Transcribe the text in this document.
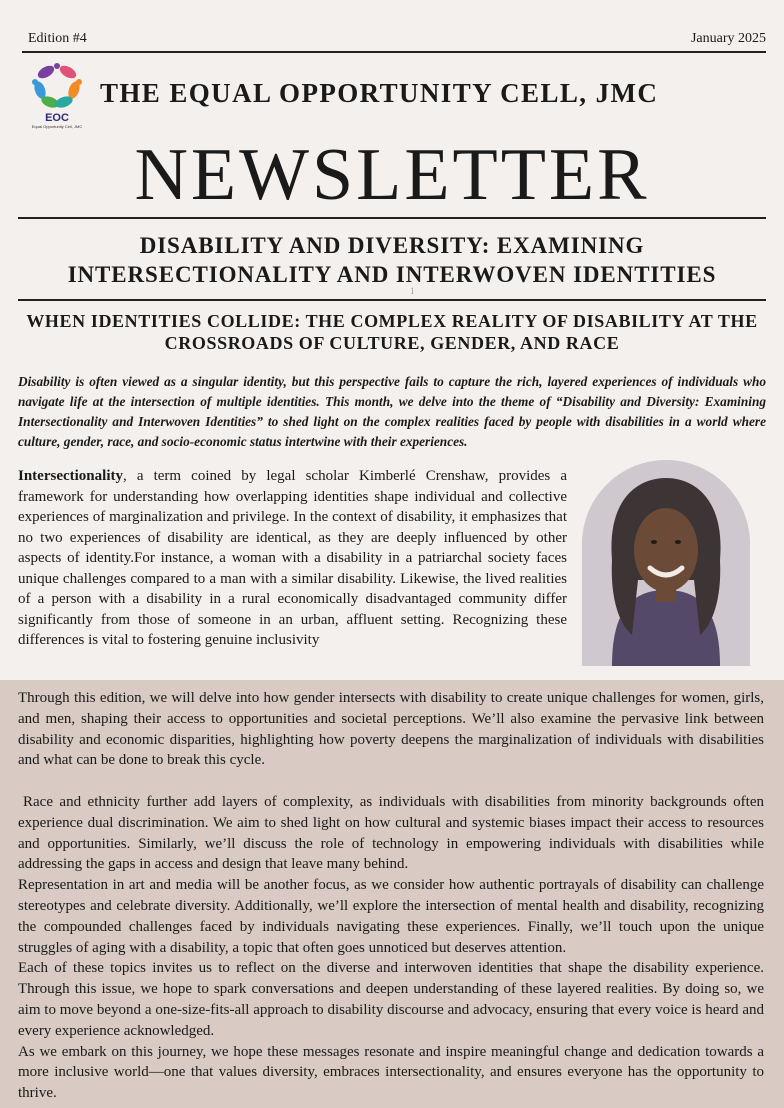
Edition #4	January 2025
EOC
Equal Opportunity Cell, JMC
THE EQUAL OPPORTUNITY CELL, JMC
NEWSLETTER
DISABILITY AND DIVERSITY: EXAMINING INTERSECTIONALITY AND INTERWOVEN IDENTITIES
1
WHEN IDENTITIES COLLIDE: THE COMPLEX REALITY OF DISABILITY AT THE CROSSROADS OF CULTURE, GENDER, AND RACE
Disability is often viewed as a singular identity, but this perspective fails to capture the rich, layered experiences of individuals who navigate life at the intersection of multiple identities. This month, we delve into the theme of “Disability and Diversity: Examining Intersectionality and Interwoven Identities” to shed light on the complex realities faced by people with disabilities in a world where culture, gender, race, and socio-economic status intertwine with their experiences.
Intersectionality, a term coined by legal scholar Kimberlé Crenshaw, provides a framework for understanding how overlapping identities shape individual and collective experiences of marginalization and privilege. In the context of disability, it emphasizes that no two experiences of disability are identical, as they are deeply influenced by other aspects of identity.For instance, a woman with a disability in a patriarchal society faces unique challenges compared to a man with a similar disability. Likewise, the lived realities of a person with a disability in a rural economically disadvantaged community differ significantly from those of someone in an urban, affluent setting. Recognizing these differences is vital to fostering genuine inclusivity

Through this edition, we will delve into how gender intersects with disability to create unique challenges for women, girls, and men, shaping their access to opportunities and societal perceptions. We’ll also examine the pervasive link between disability and economic disparities, highlighting how poverty deepens the marginalization of individuals with disabilities and what can be done to break this cycle.

Race and ethnicity further add layers of complexity, as individuals with disabilities from minority backgrounds often experience dual discrimination. We aim to shed light on how cultural and systemic biases impact their access to resources and opportunities. Similarly, we’ll discuss the role of technology in empowering individuals with disabilities while addressing the gaps in access and design that leave many behind.

Representation in art and media will be another focus, as we consider how authentic portrayals of disability can challenge stereotypes and celebrate diversity. Additionally, we’ll explore the intersection of mental health and disability, recognizing the compounded challenges faced by individuals navigating these experiences. Finally, we’ll touch upon the unique struggles of aging with a disability, a topic that often goes unnoticed but deserves attention.

Each of these topics invites us to reflect on the diverse and interwoven identities that shape the disability experience. Through this issue, we hope to spark conversations and deepen understanding of these layered realities. By doing so, we aim to move beyond a one-size-fits-all approach to disability discourse and advocacy, ensuring that every voice is heard and every experience acknowledged.

As we embark on this journey, we hope these messages resonate and inspire meaningful change and dedication towards a more inclusive world—one that values diversity, embraces intersectionality, and ensures everyone has the opportunity to thrive.
